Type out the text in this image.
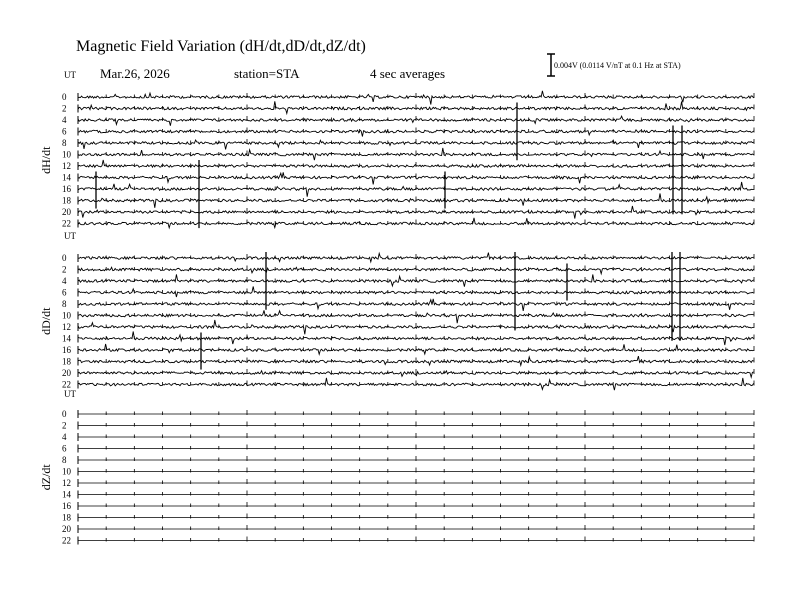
Magnetic Field Variation (dH/dt,dD/dt,dZ/dt)
Mar.26, 2026	station=STA	4 sec averages
0.004V (0.0114 V/nT at 0.1 Hz at STA)
UT
dH/dt
0
2
4
6
8
10
12
14
16
18
20
22
UT
dD/dt
0
2
4
6
8
10
12
14
16
18
20
22
UT
dZ/dt
0
2
4
6
8
10
12
14
16
18
20
22
